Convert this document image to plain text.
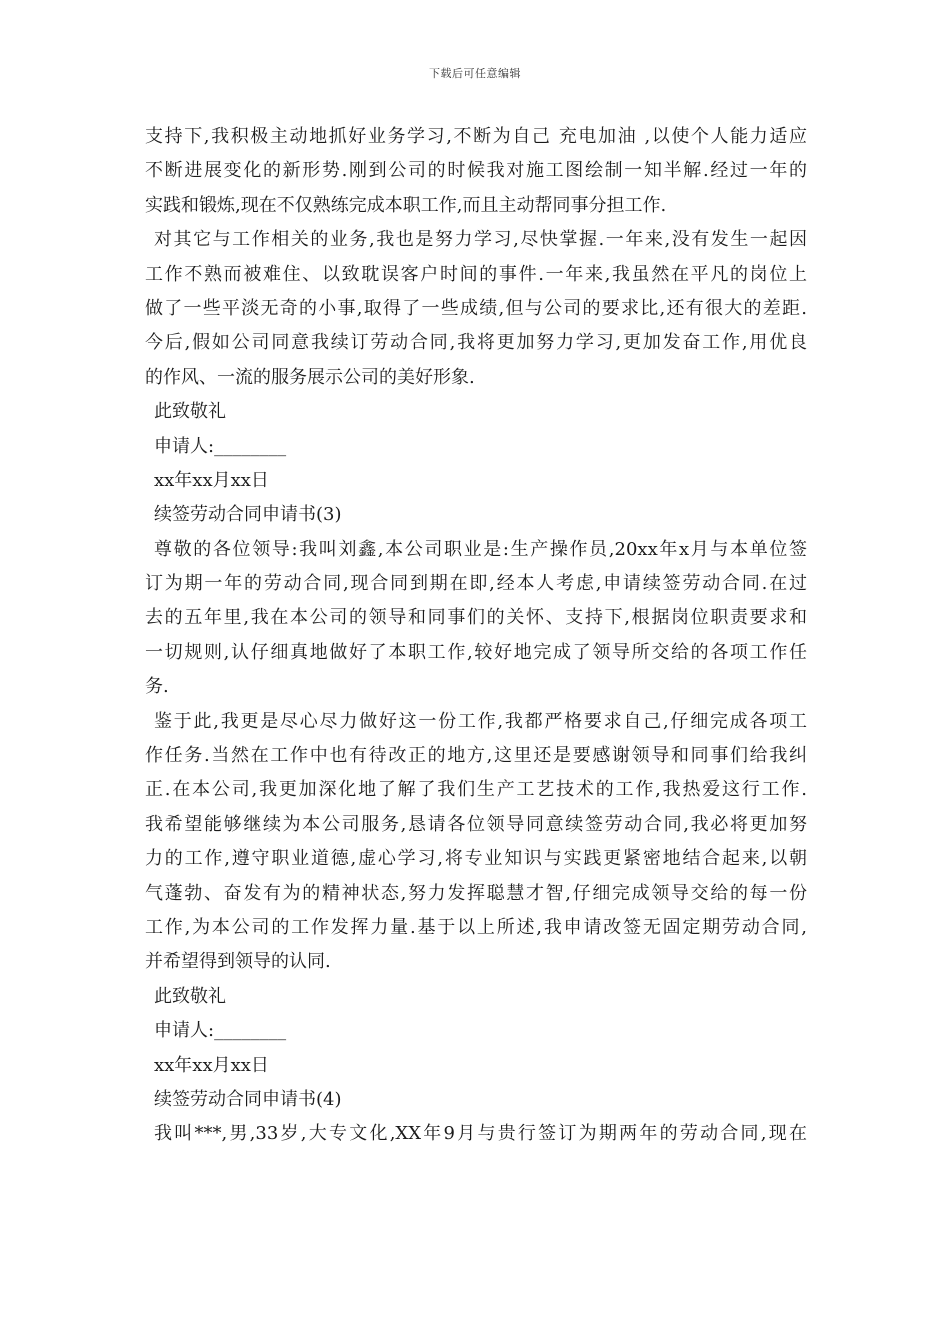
下载后可任意编辑
支持下,我积极主动地抓好业务学习,不断为自己 充电加油 ,以使个人能力适应
不断进展变化的新形势.刚到公司的时候我对施工图绘制一知半解.经过一年的
实践和锻炼,现在不仅熟练完成本职工作,而且主动帮同事分担工作.
对其它与工作相关的业务,我也是努力学习,尽快掌握.一年来,没有发生一起因
工作不熟而被难住、以致耽误客户时间的事件.一年来,我虽然在平凡的岗位上
做了一些平淡无奇的小事,取得了一些成绩,但与公司的要求比,还有很大的差距.
今后,假如公司同意我续订劳动合同,我将更加努力学习,更加发奋工作,用优良
的作风、一流的服务展示公司的美好形象.
此致敬礼
申请人:________
xx年xx月xx日
续签劳动合同申请书(3)
尊敬的各位领导:我叫刘鑫,本公司职业是:生产操作员,20xx年x月与本单位签
订为期一年的劳动合同,现合同到期在即,经本人考虑,申请续签劳动合同.在过
去的五年里,我在本公司的领导和同事们的关怀、支持下,根据岗位职责要求和
一切规则,认仔细真地做好了本职工作,较好地完成了领导所交给的各项工作任
务.
鉴于此,我更是尽心尽力做好这一份工作,我都严格要求自己,仔细完成各项工
作任务.当然在工作中也有待改正的地方,这里还是要感谢领导和同事们给我纠
正.在本公司,我更加深化地了解了我们生产工艺技术的工作,我热爱这行工作.
我希望能够继续为本公司服务,恳请各位领导同意续签劳动合同,我必将更加努
力的工作,遵守职业道德,虚心学习,将专业知识与实践更紧密地结合起来,以朝
气蓬勃、奋发有为的精神状态,努力发挥聪慧才智,仔细完成领导交给的每一份
工作,为本公司的工作发挥力量.基于以上所述,我申请改签无固定期劳动合同,
并希望得到领导的认同.
此致敬礼
申请人:________
xx年xx月xx日
续签劳动合同申请书(4)
我叫***,男,33岁,大专文化,XX年9月与贵行签订为期两年的劳动合同,现在
